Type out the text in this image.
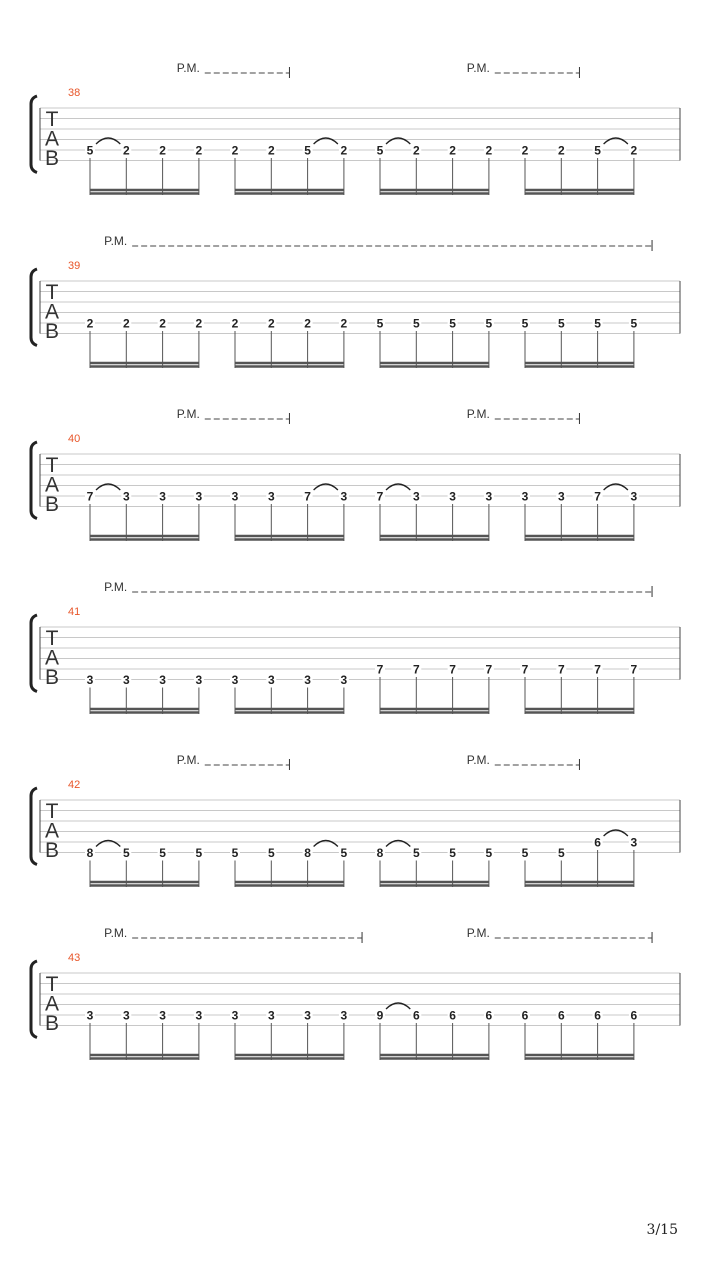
T
A
B
38
P.M.	P.M.
5 2 2 2 2 2 5 2 5 2 2 2 2 2 5 2
T
A
B
39
P.M.
2 2 2 2 2 2 2 2 5 5 5 5 5 5 5 5
T
A
B
40
P.M.	P.M.
7 3 3 3 3 3 7 3 7 3 3 3 3 3 7 3
T
A
B
41
P.M.
3 3 3 3 3 3 3 3
7 7 7 7 7 7 7 7
T
A
B
42
P.M.	P.M.
8 5 5 5 5 5 8 5 8 5 5 5 5 5
6 3
T
A
B
43
P.M.	P.M.
3 3 3 3 3 3 3 3 9 6 6 6 6 6 6 6
3/15
